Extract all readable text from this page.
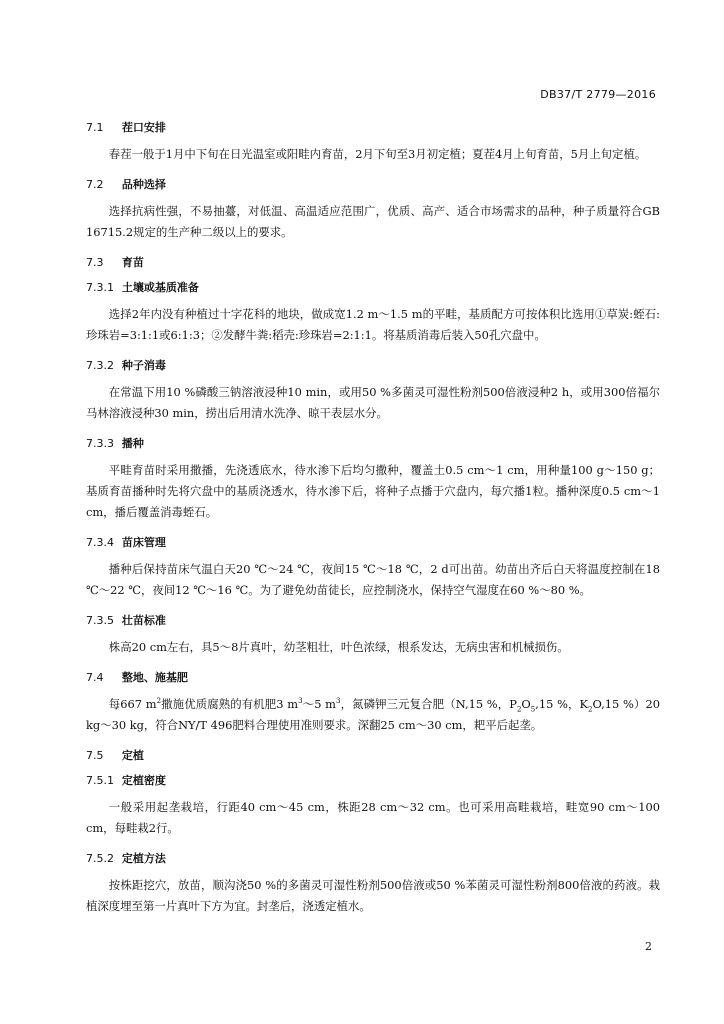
DB37/T 2779—2016
7.1 茬口安排
春茬一般于1月中下旬在日光温室或阳畦内育苗，2月下旬至3月初定植；夏茬4月上旬育苗，5月上旬定植。
7.2 品种选择
选择抗病性强，不易抽薹，对低温、高温适应范围广，优质、高产、适合市场需求的品种，种子质量符合GB 16715.2规定的生产种二级以上的要求。
7.3 育苗
7.3.1 土壤或基质准备
选择2年内没有种植过十字花科的地块，做成宽1.2 m～1.5 m的平畦，基质配方可按体积比选用①草炭:蛭石:珍珠岩=3:1:1或6:1:3；②发酵牛粪:稻壳:珍珠岩=2:1:1。将基质消毒后装入50孔穴盘中。
7.3.2 种子消毒
在常温下用10 %磷酸三钠溶液浸种10 min，或用50 %多菌灵可湿性粉剂500倍液浸种2 h，或用300倍福尔马林溶液浸种30 min，捞出后用清水洗净、晾干表层水分。
7.3.3 播种
平畦育苗时采用撒播，先浇透底水，待水渗下后均匀撒种，覆盖土0.5 cm～1 cm，用种量100 g～150 g；基质育苗播种时先将穴盘中的基质浇透水，待水渗下后，将种子点播于穴盘内，每穴播1粒。播种深度0.5 cm～1 cm，播后覆盖消毒蛭石。
7.3.4 苗床管理
播种后保持苗床气温白天20 ℃～24 ℃，夜间15 ℃～18 ℃，2 d可出苗。幼苗出齐后白天将温度控制在18 ℃～22 ℃，夜间12 ℃～16 ℃。为了避免幼苗徒长，应控制浇水，保持空气湿度在60 %～80 %。
7.3.5 壮苗标准
株高20 cm左右，具5～8片真叶，幼茎粗壮，叶色浓绿，根系发达，无病虫害和机械损伤。
7.4 整地、施基肥
每667 $m^2$撒施优质腐熟的有机肥3 $m^3\sim 5$ $m^3$，氮磷钾三元复合肥（N,15 %，$P_2O_5,15$ %，$K_2O,15$ %）20 kg～30 kg，符合NY/T 496肥料合理使用准则要求。深翻25 cm～30 cm，耙平后起垄。
7.5 定植
7.5.1 定植密度
一般采用起垄栽培，行距40 cm～45 cm，株距28 cm～32 cm。也可采用高畦栽培，畦宽90 cm～100 cm，每畦栽2行。
7.5.2 定植方法
按株距挖穴，放苗，顺沟浇50 %的多菌灵可湿性粉剂500倍液或50 %苯菌灵可湿性粉剂800倍液的药液。栽植深度埋至第一片真叶下方为宜。封垄后，浇透定植水。
2
